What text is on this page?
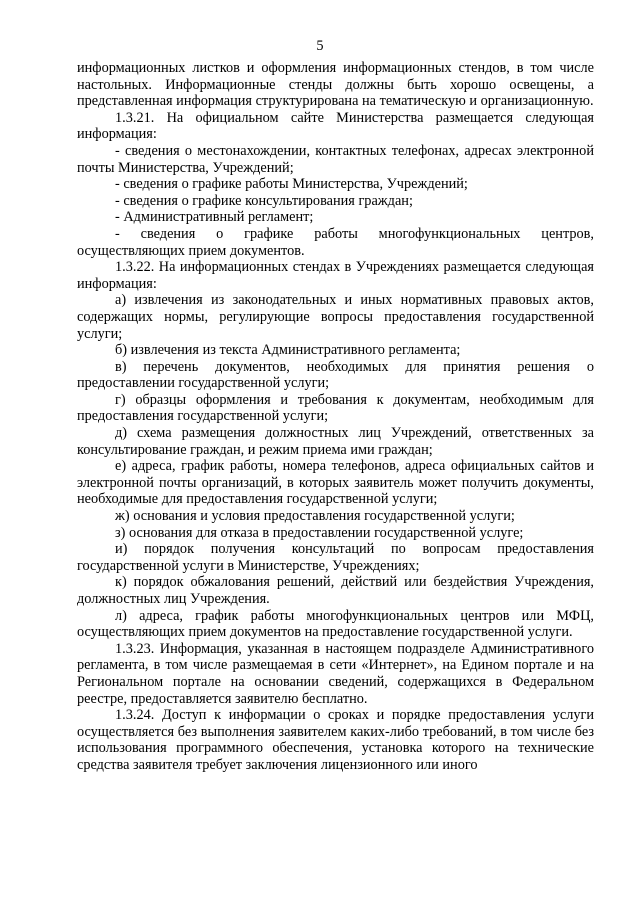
5

информационных листков и оформления информационных стендов, в том числе настольных. Информационные стенды должны быть хорошо освещены, а представленная информация структурирована на тематическую и организационную.

1.3.21. На официальном сайте Министерства размещается следующая информация:

- сведения о местонахождении, контактных телефонах, адресах электронной почты Министерства, Учреждений;

- сведения о графике работы Министерства, Учреждений;

- сведения о графике консультирования граждан;

- Административный регламент;

- сведения о графике работы многофункциональных центров, осуществляющих прием документов.

1.3.22. На информационных стендах в Учреждениях размещается следующая информация:

а) извлечения из законодательных и иных нормативных правовых актов, содержащих нормы, регулирующие вопросы предоставления государственной услуги;

б) извлечения из текста Административного регламента;

в) перечень документов, необходимых для принятия решения о предоставлении государственной услуги;

г) образцы оформления и требования к документам, необходимым для предоставления государственной услуги;

д) схема размещения должностных лиц Учреждений, ответственных за консультирование граждан, и режим приема ими граждан;

е) адреса, график работы, номера телефонов, адреса официальных сайтов и электронной почты организаций, в которых заявитель может получить документы, необходимые для предоставления государственной услуги;

ж) основания и условия предоставления государственной услуги;

з) основания для отказа в предоставлении государственной услуге;

и) порядок получения консультаций по вопросам предоставления государственной услуги в Министерстве, Учреждениях;

к) порядок обжалования решений, действий или бездействия Учреждения, должностных лиц Учреждения.

л) адреса, график работы многофункциональных центров или МФЦ, осуществляющих прием документов на предоставление государственной услуги.

1.3.23. Информация, указанная в настоящем подразделе Административного регламента, в том числе размещаемая в сети «Интернет», на Едином портале и на Региональном портале на основании сведений, содержащихся в Федеральном реестре, предоставляется заявителю бесплатно.

1.3.24. Доступ к информации о сроках и порядке предоставления услуги осуществляется без выполнения заявителем каких-либо требований, в том числе без использования программного обеспечения, установка которого на технические средства заявителя требует заключения лицензионного или иного
